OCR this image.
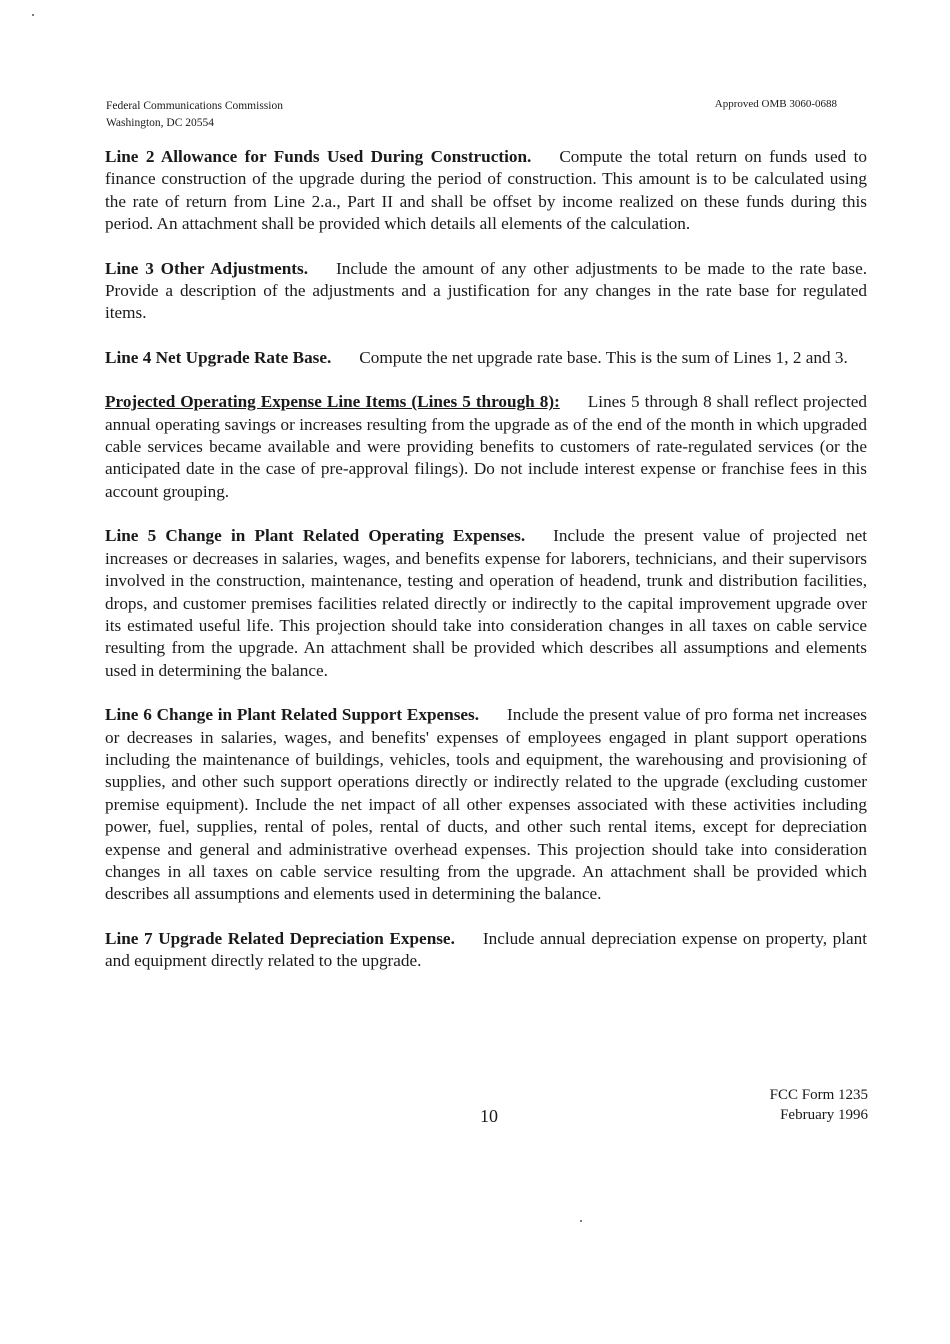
Federal Communications Commission
Washington, DC 20554
Approved OMB 3060-0688

Line 2 Allowance for Funds Used During Construction. Compute the total return on funds used to finance construction of the upgrade during the period of construction. This amount is to be calculated using the rate of return from Line 2.a., Part II and shall be offset by income realized on these funds during this period. An attachment shall be provided which details all elements of the calculation.

Line 3 Other Adjustments. Include the amount of any other adjustments to be made to the rate base. Provide a description of the adjustments and a justification for any changes in the rate base for regulated items.

Line 4 Net Upgrade Rate Base. Compute the net upgrade rate base. This is the sum of Lines 1, 2 and 3.

Projected Operating Expense Line Items (Lines 5 through 8): Lines 5 through 8 shall reflect projected annual operating savings or increases resulting from the upgrade as of the end of the month in which upgraded cable services became available and were providing benefits to customers of rate-regulated services (or the anticipated date in the case of pre-approval filings). Do not include interest expense or franchise fees in this account grouping.

Line 5 Change in Plant Related Operating Expenses. Include the present value of projected net increases or decreases in salaries, wages, and benefits expense for laborers, technicians, and their supervisors involved in the construction, maintenance, testing and operation of headend, trunk and distribution facilities, drops, and customer premises facilities related directly or indirectly to the capital improvement upgrade over its estimated useful life. This projection should take into consideration changes in all taxes on cable service resulting from the upgrade. An attachment shall be provided which describes all assumptions and elements used in determining the balance.

Line 6 Change in Plant Related Support Expenses. Include the present value of pro forma net increases or decreases in salaries, wages, and benefits' expenses of employees engaged in plant support operations including the maintenance of buildings, vehicles, tools and equipment, the warehousing and provisioning of supplies, and other such support operations directly or indirectly related to the upgrade (excluding customer premise equipment). Include the net impact of all other expenses associated with these activities including power, fuel, supplies, rental of poles, rental of ducts, and other such rental items, except for depreciation expense and general and administrative overhead expenses. This projection should take into consideration changes in all taxes on cable service resulting from the upgrade. An attachment shall be provided which describes all assumptions and elements used in determining the balance.

Line 7 Upgrade Related Depreciation Expense. Include annual depreciation expense on property, plant and equipment directly related to the upgrade.

10
FCC Form 1235
February 1996
